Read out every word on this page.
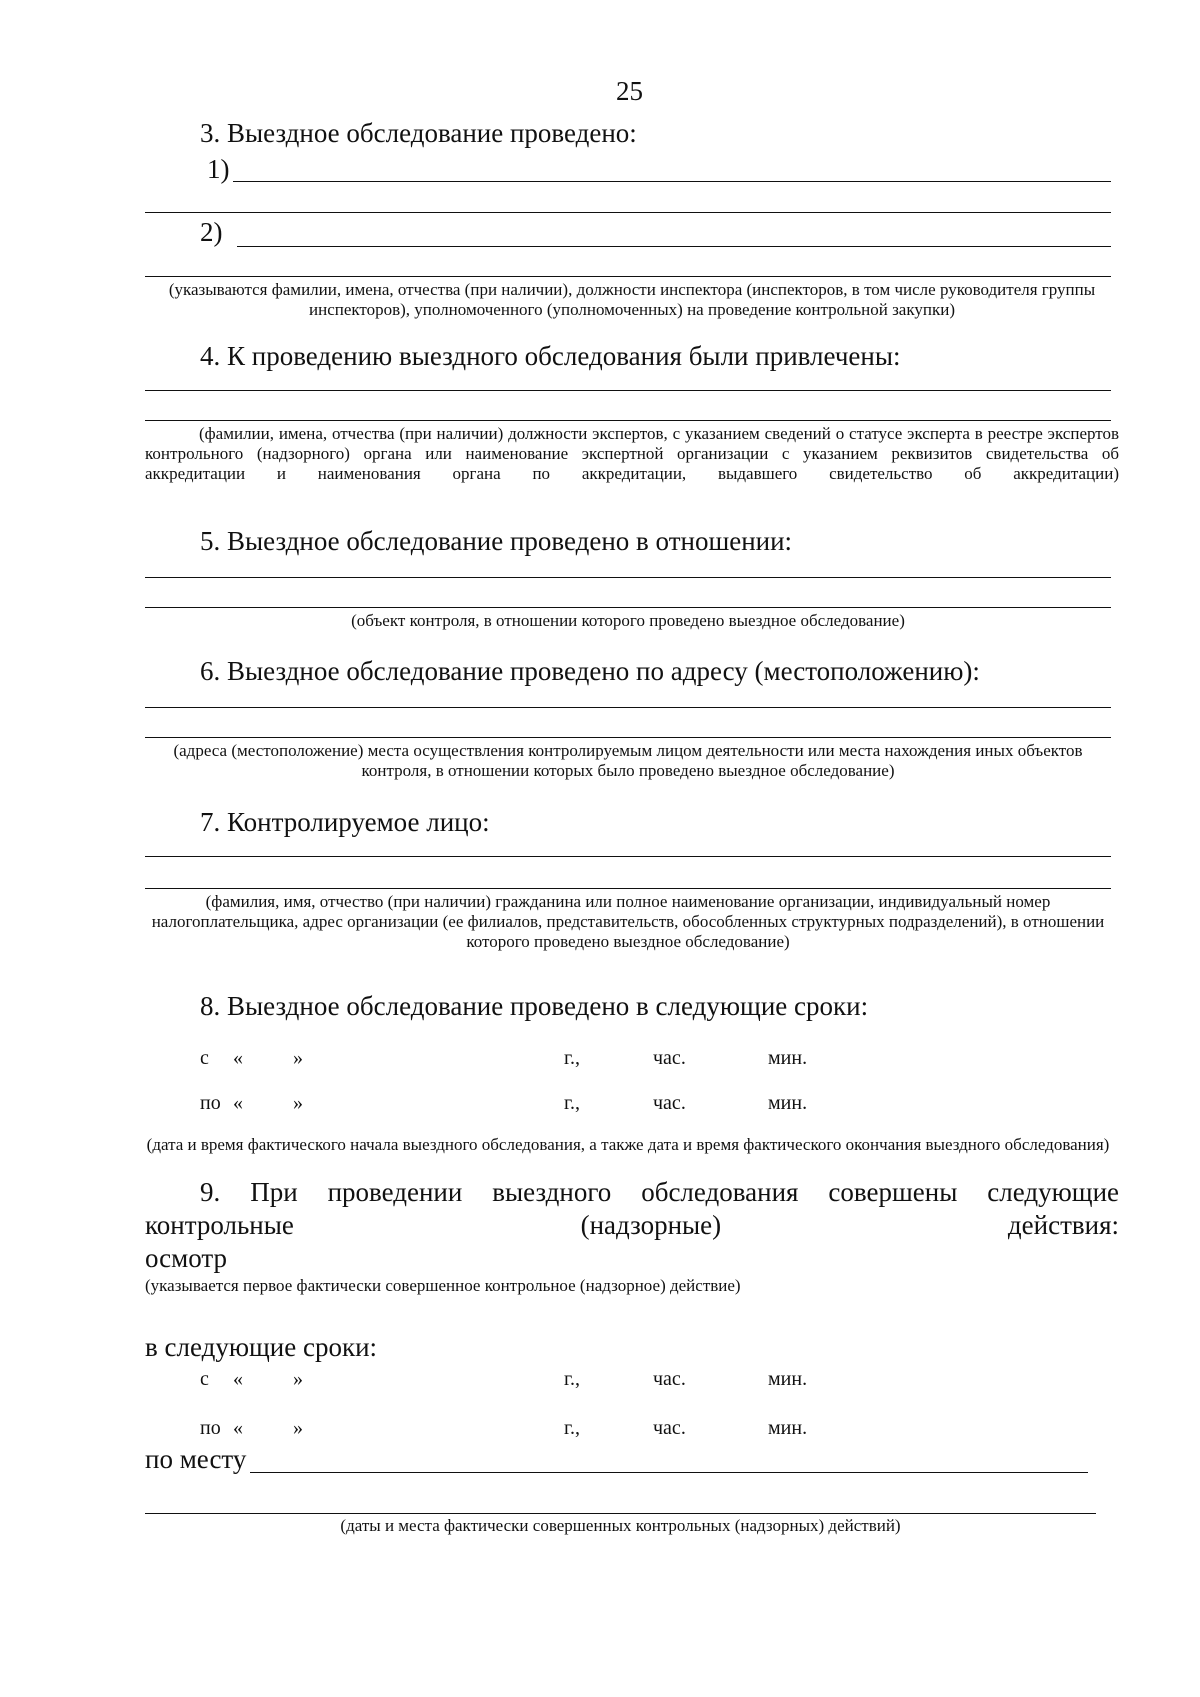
25
3. Выездное обследование проведено:
1)
2)
(указываются фамилии, имена, отчества (при наличии), должности инспектора (инспекторов, в том числе руководителя группы инспекторов), уполномоченного (уполномоченных) на проведение контрольной закупки)
4. К проведению выездного обследования были привлечены:
(фамилии, имена, отчества (при наличии) должности экспертов, с указанием сведений о статусе эксперта в реестре экспертов контрольного (надзорного) органа или наименование экспертной организации с указанием реквизитов свидетельства об аккредитации и наименования органа по аккредитации, выдавшего свидетельство об аккредитации)
5. Выездное обследование проведено в отношении:
(объект контроля, в отношении которого проведено выездное обследование)
6. Выездное обследование проведено по адресу (местоположению):
(адреса (местоположение) места осуществления контролируемым лицом деятельности или места нахождения иных объектов контроля, в отношении которых было проведено выездное обследование)
7. Контролируемое лицо:
(фамилия, имя, отчество (при наличии) гражданина или полное наименование организации, индивидуальный номер налогоплательщика, адрес организации (ее филиалов, представительств, обособленных структурных подразделений), в отношении которого проведено выездное обследование)
8. Выездное обследование проведено в следующие сроки:
с «	»	г.,	час.	мин.
по «	»	г.,	час.	мин.
(дата и время фактического начала выездного обследования, а также дата и время фактического окончания выездного обследования)
9. При проведении выездного обследования совершены следующие контрольные (надзорные) действия:
осмотр
(указывается первое фактически совершенное контрольное (надзорное) действие)
в следующие сроки:
с «	»	г.,	час.	мин.
по «	»	г.,	час.	мин.
по месту
(даты и места фактически совершенных контрольных (надзорных) действий)
